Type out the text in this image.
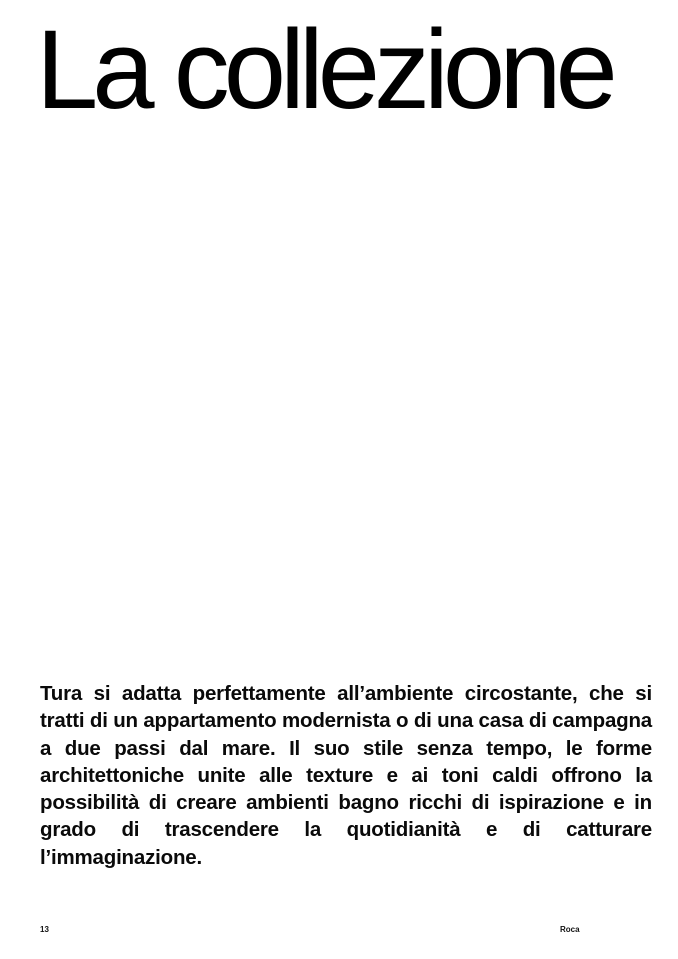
La collezione

Tura si adatta perfettamente all’ambiente circostante, che si tratti di un appartamento modernista o di una casa di campagna a due passi dal mare. Il suo stile senza tempo, le forme architettoniche unite alle texture e ai toni caldi offrono la possibilità di creare ambienti bagno ricchi di ispirazione e in grado di trascendere la quotidianità e di catturare l’immaginazione.

13	Roca
